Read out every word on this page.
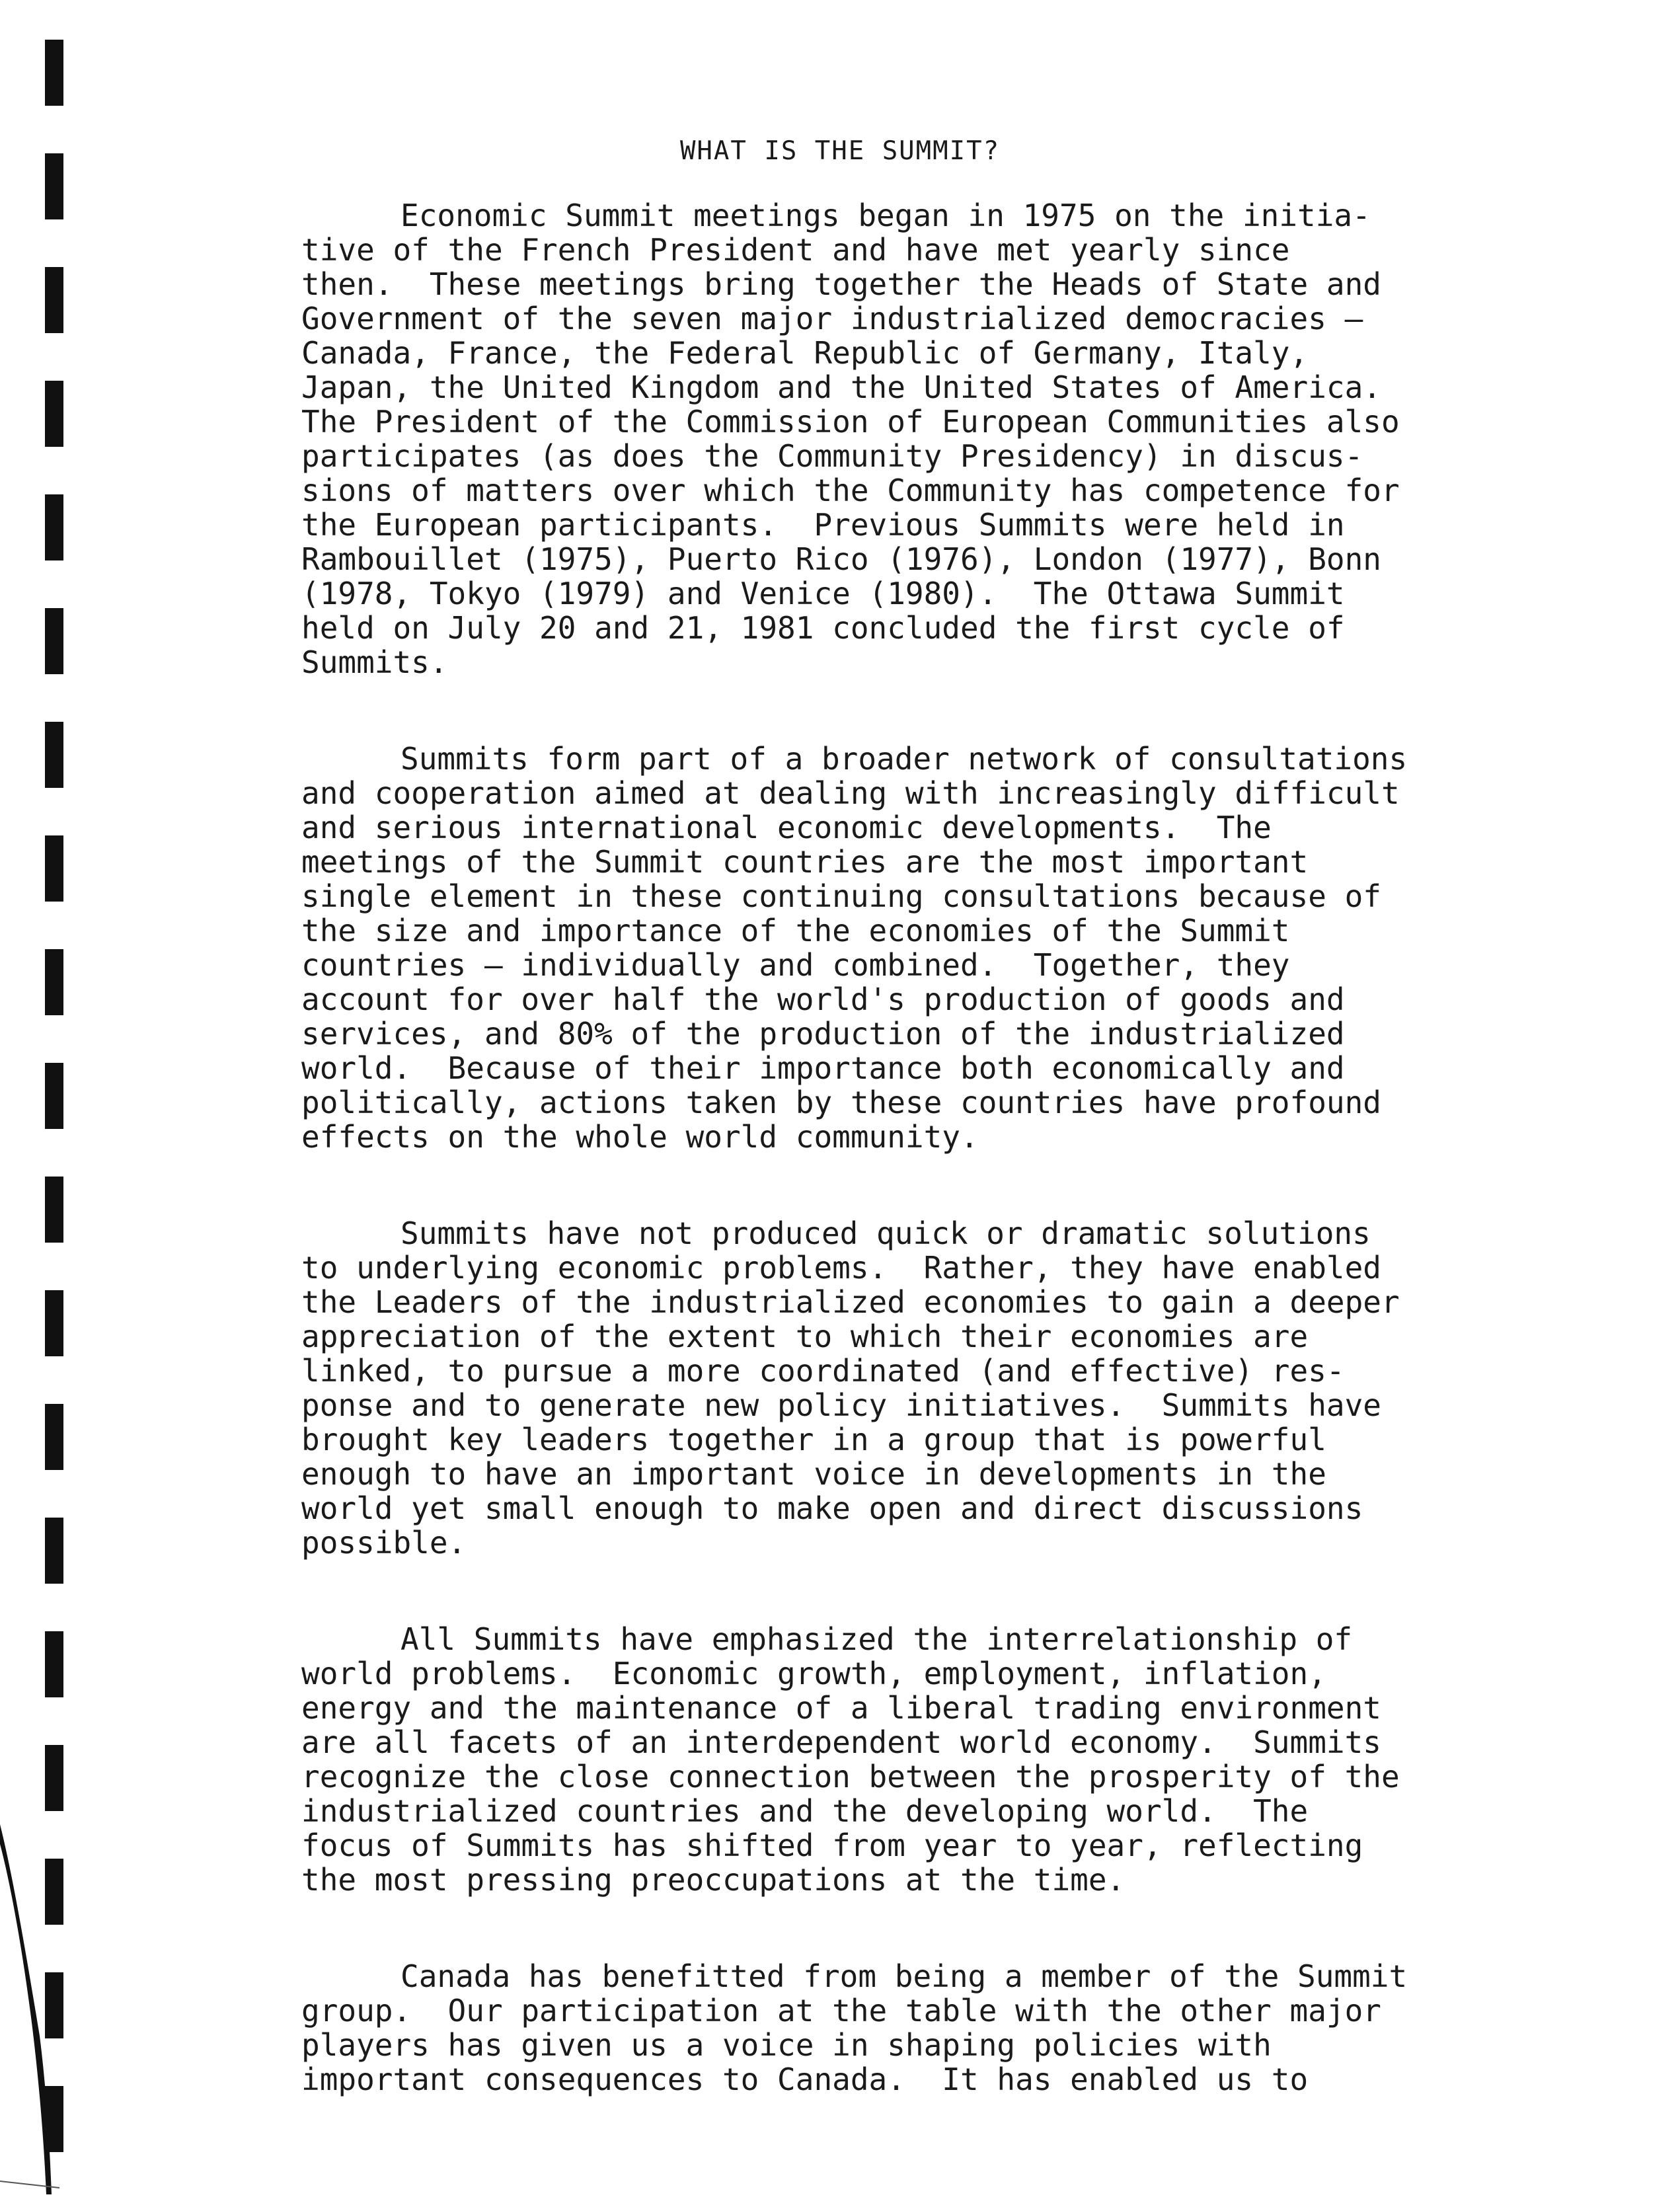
WHAT IS THE SUMMIT?

Economic Summit meetings began in 1975 on the initia-
tive of the French President and have met yearly since
then.  These meetings bring together the Heads of State and
Government of the seven major industrialized democracies –
Canada, France, the Federal Republic of Germany, Italy,
Japan, the United Kingdom and the United States of America.
The President of the Commission of European Communities also
participates (as does the Community Presidency) in discus-
sions of matters over which the Community has competence for
the European participants.  Previous Summits were held in
Rambouillet (1975), Puerto Rico (1976), London (1977), Bonn
(1978, Tokyo (1979) and Venice (1980).  The Ottawa Summit
held on July 20 and 21, 1981 concluded the first cycle of
Summits.

Summits form part of a broader network of consultations
and cooperation aimed at dealing with increasingly difficult
and serious international economic developments.  The
meetings of the Summit countries are the most important
single element in these continuing consultations because of
the size and importance of the economies of the Summit
countries – individually and combined.  Together, they
account for over half the world's production of goods and
services, and 80% of the production of the industrialized
world.  Because of their importance both economically and
politically, actions taken by these countries have profound
effects on the whole world community.

Summits have not produced quick or dramatic solutions
to underlying economic problems.  Rather, they have enabled
the Leaders of the industrialized economies to gain a deeper
appreciation of the extent to which their economies are
linked, to pursue a more coordinated (and effective) res-
ponse and to generate new policy initiatives.  Summits have
brought key leaders together in a group that is powerful
enough to have an important voice in developments in the
world yet small enough to make open and direct discussions
possible.

All Summits have emphasized the interrelationship of
world problems.  Economic growth, employment, inflation,
energy and the maintenance of a liberal trading environment
are all facets of an interdependent world economy.  Summits
recognize the close connection between the prosperity of the
industrialized countries and the developing world.  The
focus of Summits has shifted from year to year, reflecting
the most pressing preoccupations at the time.

Canada has benefitted from being a member of the Summit
group.  Our participation at the table with the other major
players has given us a voice in shaping policies with
important consequences to Canada.  It has enabled us to
